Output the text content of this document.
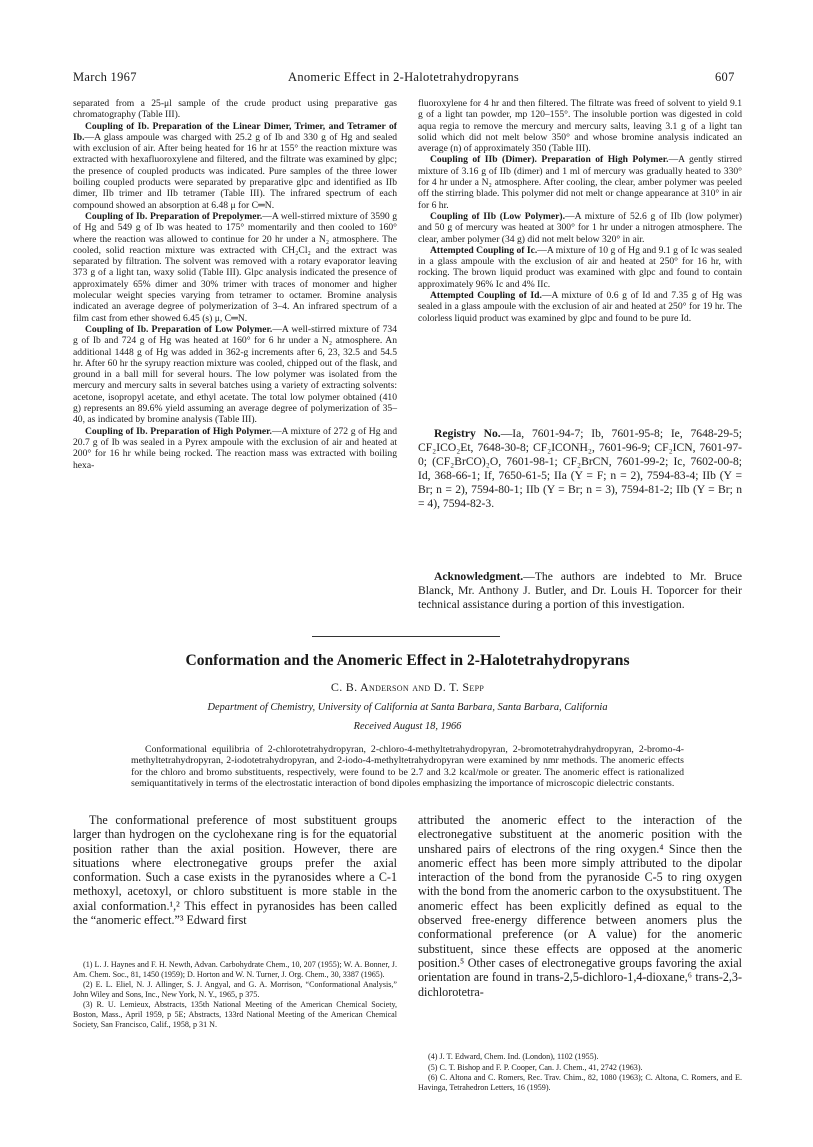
March 1967	Anomeric Effect in 2-Halotetrahydropyrans	607

separated from a 25-μl sample of the crude product using preparative gas chromatography (Table III).

Coupling of Ib. Preparation of the Linear Dimer, Trimer, and Tetramer of Ib.—A glass ampoule was charged with 25.2 g of Ib and 330 g of Hg and sealed with exclusion of air. After being heated for 16 hr at 155° the reaction mixture was extracted with hexafluoroxylene and filtered, and the filtrate was examined by glpc; the presence of coupled products was indicated. Pure samples of the three lower boiling coupled products were separated by preparative glpc and identified as IIb dimer, IIb trimer and IIb tetramer (Table III). The infrared spectrum of each compound showed an absorption at 6.48 μ for C═N.

Coupling of Ib. Preparation of Prepolymer.—A well-stirred mixture of 3590 g of Hg and 549 g of Ib was heated to 175° momentarily and then cooled to 160° where the reaction was allowed to continue for 20 hr under a N₂ atmosphere. The cooled, solid reaction mixture was extracted with CH₂Cl₂ and the extract was separated by filtration. The solvent was removed with a rotary evaporator leaving 373 g of a light tan, waxy solid (Table III). Glpc analysis indicated the presence of approximately 65% dimer and 30% trimer with traces of monomer and higher molecular weight species varying from tetramer to octamer. Bromine analysis indicated an average degree of polymerization of 3–4. An infrared spectrum of a film cast from ether showed 6.45 (s) μ, C═N.

Coupling of Ib. Preparation of Low Polymer.—A well-stirred mixture of 734 g of Ib and 724 g of Hg was heated at 160° for 6 hr under a N₂ atmosphere. An additional 1448 g of Hg was added in 362-g increments after 6, 23, 32.5 and 54.5 hr. After 60 hr the syrupy reaction mixture was cooled, chipped out of the flask, and ground in a ball mill for several hours. The low polymer was isolated from the mercury and mercury salts in several batches using a variety of extracting solvents: acetone, isopropyl acetate, and ethyl acetate. The total low polymer obtained (410 g) represents an 89.6% yield assuming an average degree of polymerization of 35–40, as indicated by bromine analysis (Table III).

Coupling of Ib. Preparation of High Polymer.—A mixture of 272 g of Hg and 20.7 g of Ib was sealed in a Pyrex ampoule with the exclusion of air and heated at 200° for 16 hr while being rocked. The reaction mass was extracted with boiling hexa-

fluoroxylene for 4 hr and then filtered. The filtrate was freed of solvent to yield 9.1 g of a light tan powder, mp 120–155°. The insoluble portion was digested in cold aqua regia to remove the mercury and mercury salts, leaving 3.1 g of a light tan solid which did not melt below 350° and whose bromine analysis indicated an average (n) of approximately 350 (Table III).

Coupling of IIb (Dimer). Preparation of High Polymer.—A gently stirred mixture of 3.16 g of IIb (dimer) and 1 ml of mercury was gradually heated to 330° for 4 hr under a N₂ atmosphere. After cooling, the clear, amber polymer was peeled off the stirring blade. This polymer did not melt or change appearance at 310° in air for 6 hr.

Coupling of IIb (Low Polymer).—A mixture of 52.6 g of IIb (low polymer) and 50 g of mercury was heated at 300° for 1 hr under a nitrogen atmosphere. The clear, amber polymer (34 g) did not melt below 320° in air.

Attempted Coupling of Ic.—A mixture of 10 g of Hg and 9.1 g of Ic was sealed in a glass ampoule with the exclusion of air and heated at 250° for 16 hr, with rocking. The brown liquid product was examined with glpc and found to contain approximately 96% Ic and 4% IIc.

Attempted Coupling of Id.—A mixture of 0.6 g of Id and 7.35 g of Hg was sealed in a glass ampoule with the exclusion of air and heated at 250° for 19 hr. The colorless liquid product was examined by glpc and found to be pure Id.

Registry No.—Ia, 7601-94-7; Ib, 7601-95-8; Ie, 7648-29-5; CF₂ICO₂Et, 7648-30-8; CF₂ICONH₂, 7601-96-9; CF₂ICN, 7601-97-0; (CF₂BrCO)₂O, 7601-98-1; CF₂BrCN, 7601-99-2; Ic, 7602-00-8; Id, 368-66-1; If, 7650-61-5; IIa (Y = F; n = 2), 7594-83-4; IIb (Y = Br; n = 2), 7594-80-1; IIb (Y = Br; n = 3), 7594-81-2; IIb (Y = Br; n = 4), 7594-82-3.

Acknowledgment.—The authors are indebted to Mr. Bruce Blanck, Mr. Anthony J. Butler, and Dr. Louis H. Toporcer for their technical assistance during a portion of this investigation.

Conformation and the Anomeric Effect in 2-Halotetrahydropyrans
C. B. Anderson and D. T. Sepp
Department of Chemistry, University of California at Santa Barbara, Santa Barbara, California
Received August 18, 1966

Conformational equilibria of 2-chlorotetrahydropyran, 2-chloro-4-methyltetrahydropyran, 2-bromotetrahydrahydropyran, 2-bromo-4-methyltetrahydropyran, 2-iodotetrahydropyran, and 2-iodo-4-methyltetrahydropyran were examined by nmr methods. The anomeric effects for the chloro and bromo substituents, respectively, were found to be 2.7 and 3.2 kcal/mole or greater. The anomeric effect is rationalized semiquantitatively in terms of the electrostatic interaction of bond dipoles emphasizing the importance of microscopic dielectric constants.

The conformational preference of most substituent groups larger than hydrogen on the cyclohexane ring is for the equatorial position rather than the axial position. However, there are situations where electronegative groups prefer the axial conformation. Such a case exists in the pyranosides where a C-1 methoxyl, acetoxyl, or chloro substituent is more stable in the axial conformation.¹,² This effect in pyranosides has been called the “anomeric effect.”³ Edward first

attributed the anomeric effect to the interaction of the electronegative substituent at the anomeric position with the unshared pairs of electrons of the ring oxygen.⁴ Since then the anomeric effect has been more simply attributed to the dipolar interaction of the bond from the pyranoside C-5 to ring oxygen with the bond from the anomeric carbon to the oxysubstituent. The anomeric effect has been explicitly defined as equal to the observed free-energy difference between anomers plus the conformational preference (or A value) for the anomeric substituent, since these effects are opposed at the anomeric position.⁵ Other cases of electronegative groups favoring the axial orientation are found in trans-2,5-dichloro-1,4-dioxane,⁶ trans-2,3-dichlorotetra-

(1) L. J. Haynes and F. H. Newth, Advan. Carbohydrate Chem., 10, 207 (1955); W. A. Bonner, J. Am. Chem. Soc., 81, 1450 (1959); D. Horton and W. N. Turner, J. Org. Chem., 30, 3387 (1965).

(2) E. L. Eliel, N. J. Allinger, S. J. Angyal, and G. A. Morrison, “Conformational Analysis,” John Wiley and Sons, Inc., New York, N. Y., 1965, p 375.

(3) R. U. Lemieux, Abstracts, 135th National Meeting of the American Chemical Society, Boston, Mass., April 1959, p 5E; Abstracts, 133rd National Meeting of the American Chemical Society, San Francisco, Calif., 1958, p 31 N.

(4) J. T. Edward, Chem. Ind. (London), 1102 (1955).

(5) C. T. Bishop and F. P. Cooper, Can. J. Chem., 41, 2742 (1963).

(6) C. Altona and C. Romers, Rec. Trav. Chim., 82, 1080 (1963); C. Altona, C. Romers, and E. Havinga, Tetrahedron Letters, 16 (1959).
